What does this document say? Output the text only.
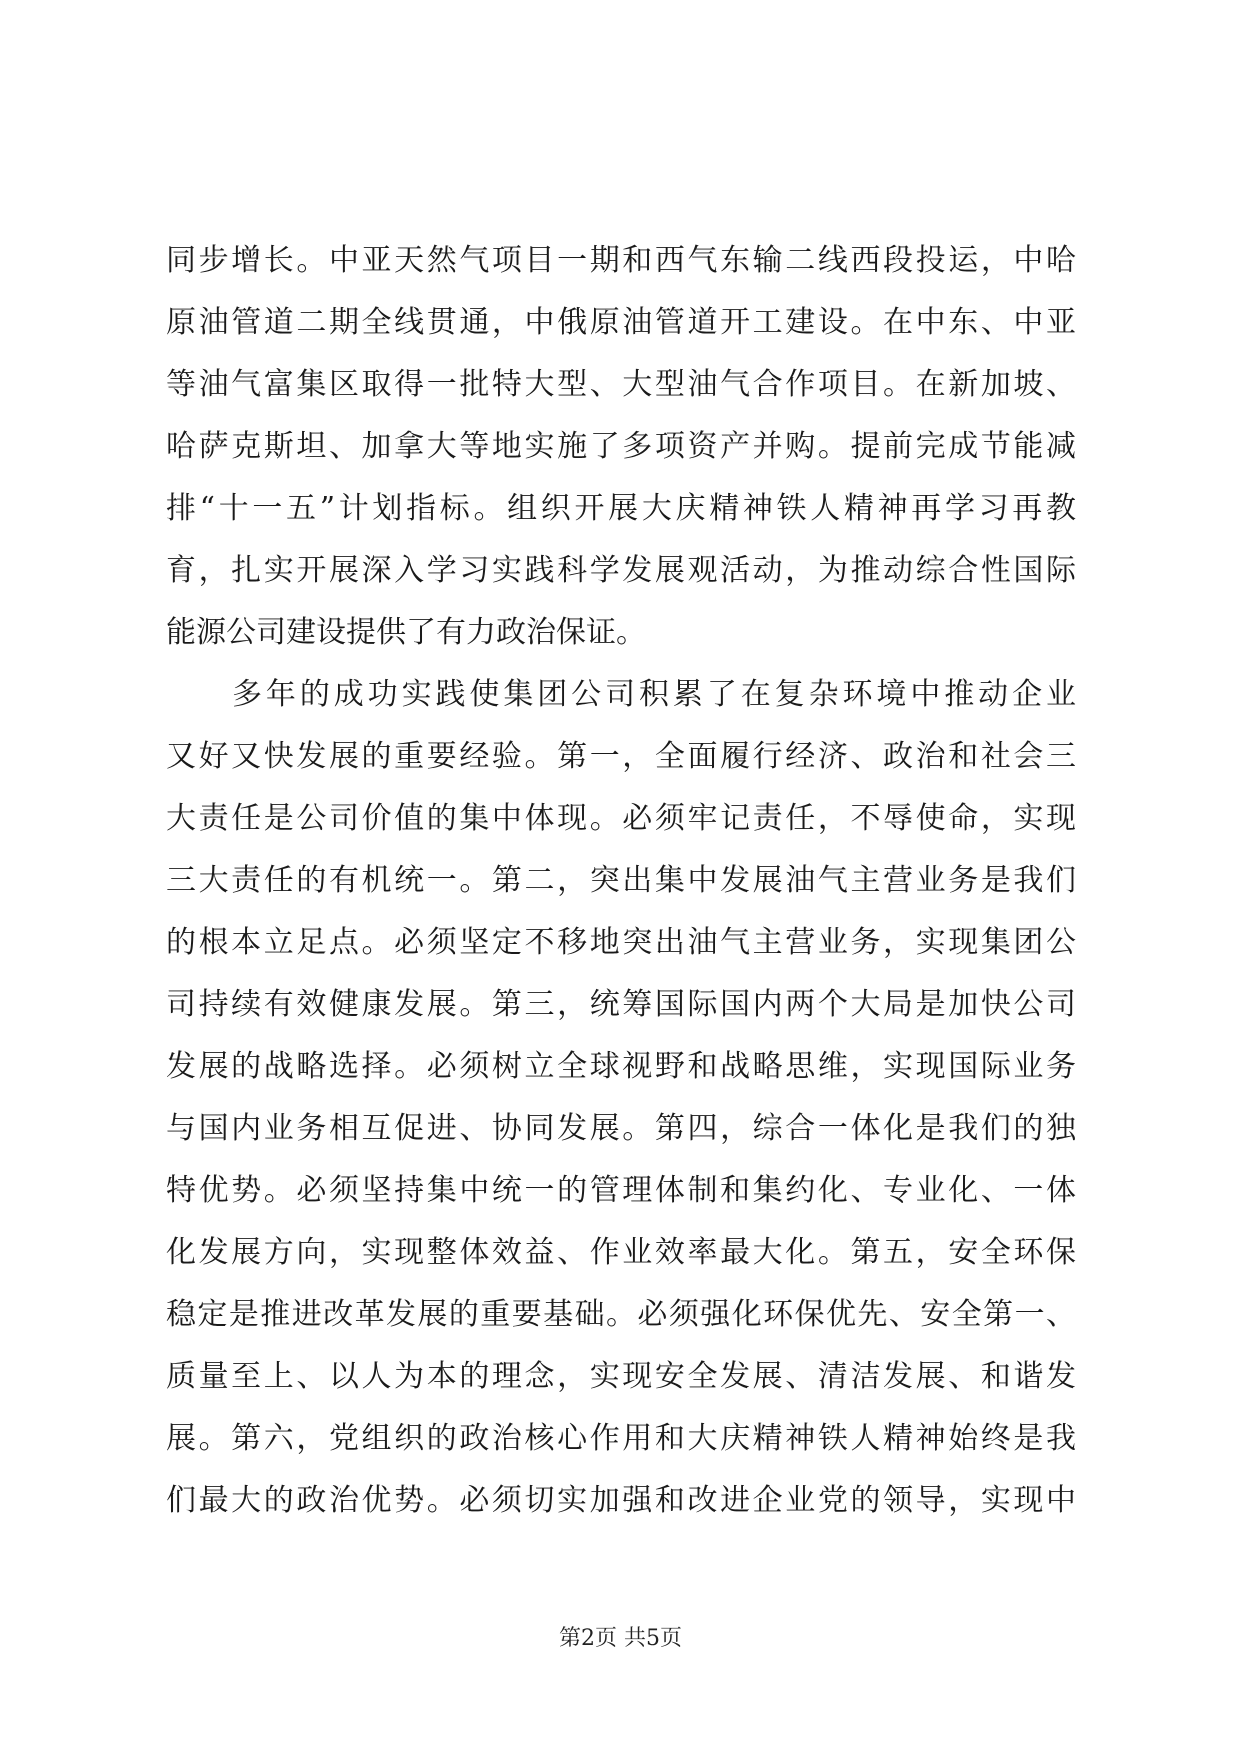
同步增长。中亚天然气项目一期和西气东输二线西段投运，中哈
原油管道二期全线贯通，中俄原油管道开工建设。在中东、中亚
等油气富集区取得一批特大型、大型油气合作项目。在新加坡、
哈萨克斯坦、加拿大等地实施了多项资产并购。提前完成节能减
排“十一五”计划指标。组织开展大庆精神铁人精神再学习再教
育，扎实开展深入学习实践科学发展观活动，为推动综合性国际
能源公司建设提供了有力政治保证。
多年的成功实践使集团公司积累了在复杂环境中推动企业
又好又快发展的重要经验。第一，全面履行经济、政治和社会三
大责任是公司价值的集中体现。必须牢记责任，不辱使命，实现
三大责任的有机统一。第二，突出集中发展油气主营业务是我们
的根本立足点。必须坚定不移地突出油气主营业务，实现集团公
司持续有效健康发展。第三，统筹国际国内两个大局是加快公司
发展的战略选择。必须树立全球视野和战略思维，实现国际业务
与国内业务相互促进、协同发展。第四，综合一体化是我们的独
特优势。必须坚持集中统一的管理体制和集约化、专业化、一体
化发展方向，实现整体效益、作业效率最大化。第五，安全环保
稳定是推进改革发展的重要基础。必须强化环保优先、安全第一、
质量至上、以人为本的理念，实现安全发展、清洁发展、和谐发
展。第六，党组织的政治核心作用和大庆精神铁人精神始终是我
们最大的政治优势。必须切实加强和改进企业党的领导，实现中
第2页 共5页
